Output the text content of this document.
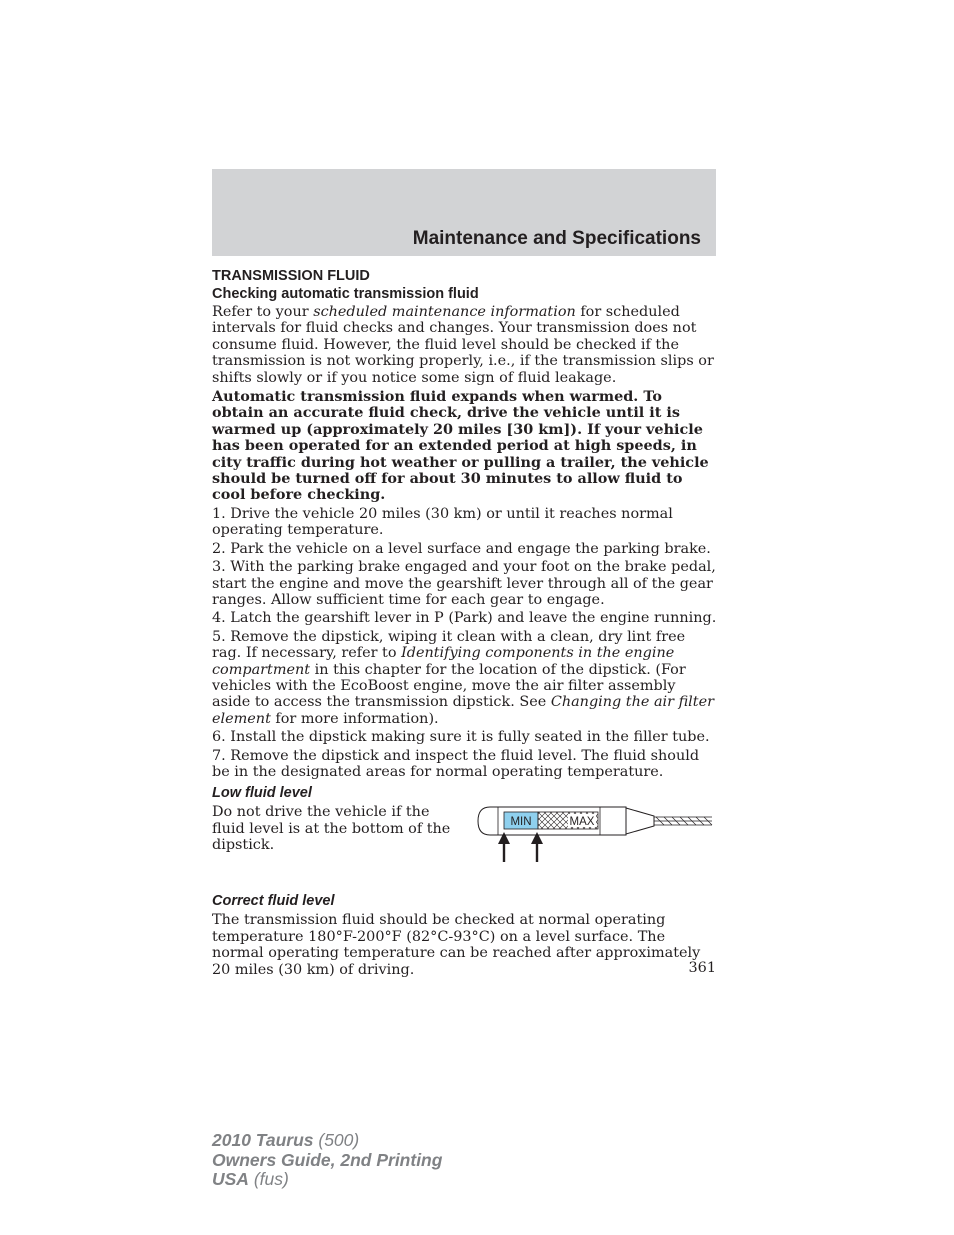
Maintenance and Specifications
TRANSMISSION FLUID
Checking automatic transmission fluid

Refer to your scheduled maintenance information for scheduled intervals for fluid checks and changes. Your transmission does not consume fluid. However, the fluid level should be checked if the transmission is not working properly, i.e., if the transmission slips or shifts slowly or if you notice some sign of fluid leakage.

Automatic transmission fluid expands when warmed. To obtain an accurate fluid check, drive the vehicle until it is warmed up (approximately 20 miles [30 km]). If your vehicle has been operated for an extended period at high speeds, in city traffic during hot weather or pulling a trailer, the vehicle should be turned off for about 30 minutes to allow fluid to cool before checking.

1. Drive the vehicle 20 miles (30 km) or until it reaches normal operating temperature.

2. Park the vehicle on a level surface and engage the parking brake.

3. With the parking brake engaged and your foot on the brake pedal, start the engine and move the gearshift lever through all of the gear ranges. Allow sufficient time for each gear to engage.

4. Latch the gearshift lever in P (Park) and leave the engine running.

5. Remove the dipstick, wiping it clean with a clean, dry lint free rag. If necessary, refer to Identifying components in the engine compartment in this chapter for the location of the dipstick. (For vehicles with the EcoBoost engine, move the air filter assembly aside to access the transmission dipstick. See Changing the air filter element for more information).

6. Install the dipstick making sure it is fully seated in the filler tube.

7. Remove the dipstick and inspect the fluid level. The fluid should be in the designated areas for normal operating temperature.

Low fluid level

Do not drive the vehicle if the fluid level is at the bottom of the dipstick.

MIN	MAX
Correct fluid level

The transmission fluid should be checked at normal operating temperature 180°F-200°F (82°C-93°C) on a level surface. The normal operating temperature can be reached after approximately 20 miles (30 km) of driving.	361
2010 Taurus (500)
Owners Guide, 2nd Printing
USA (fus)
